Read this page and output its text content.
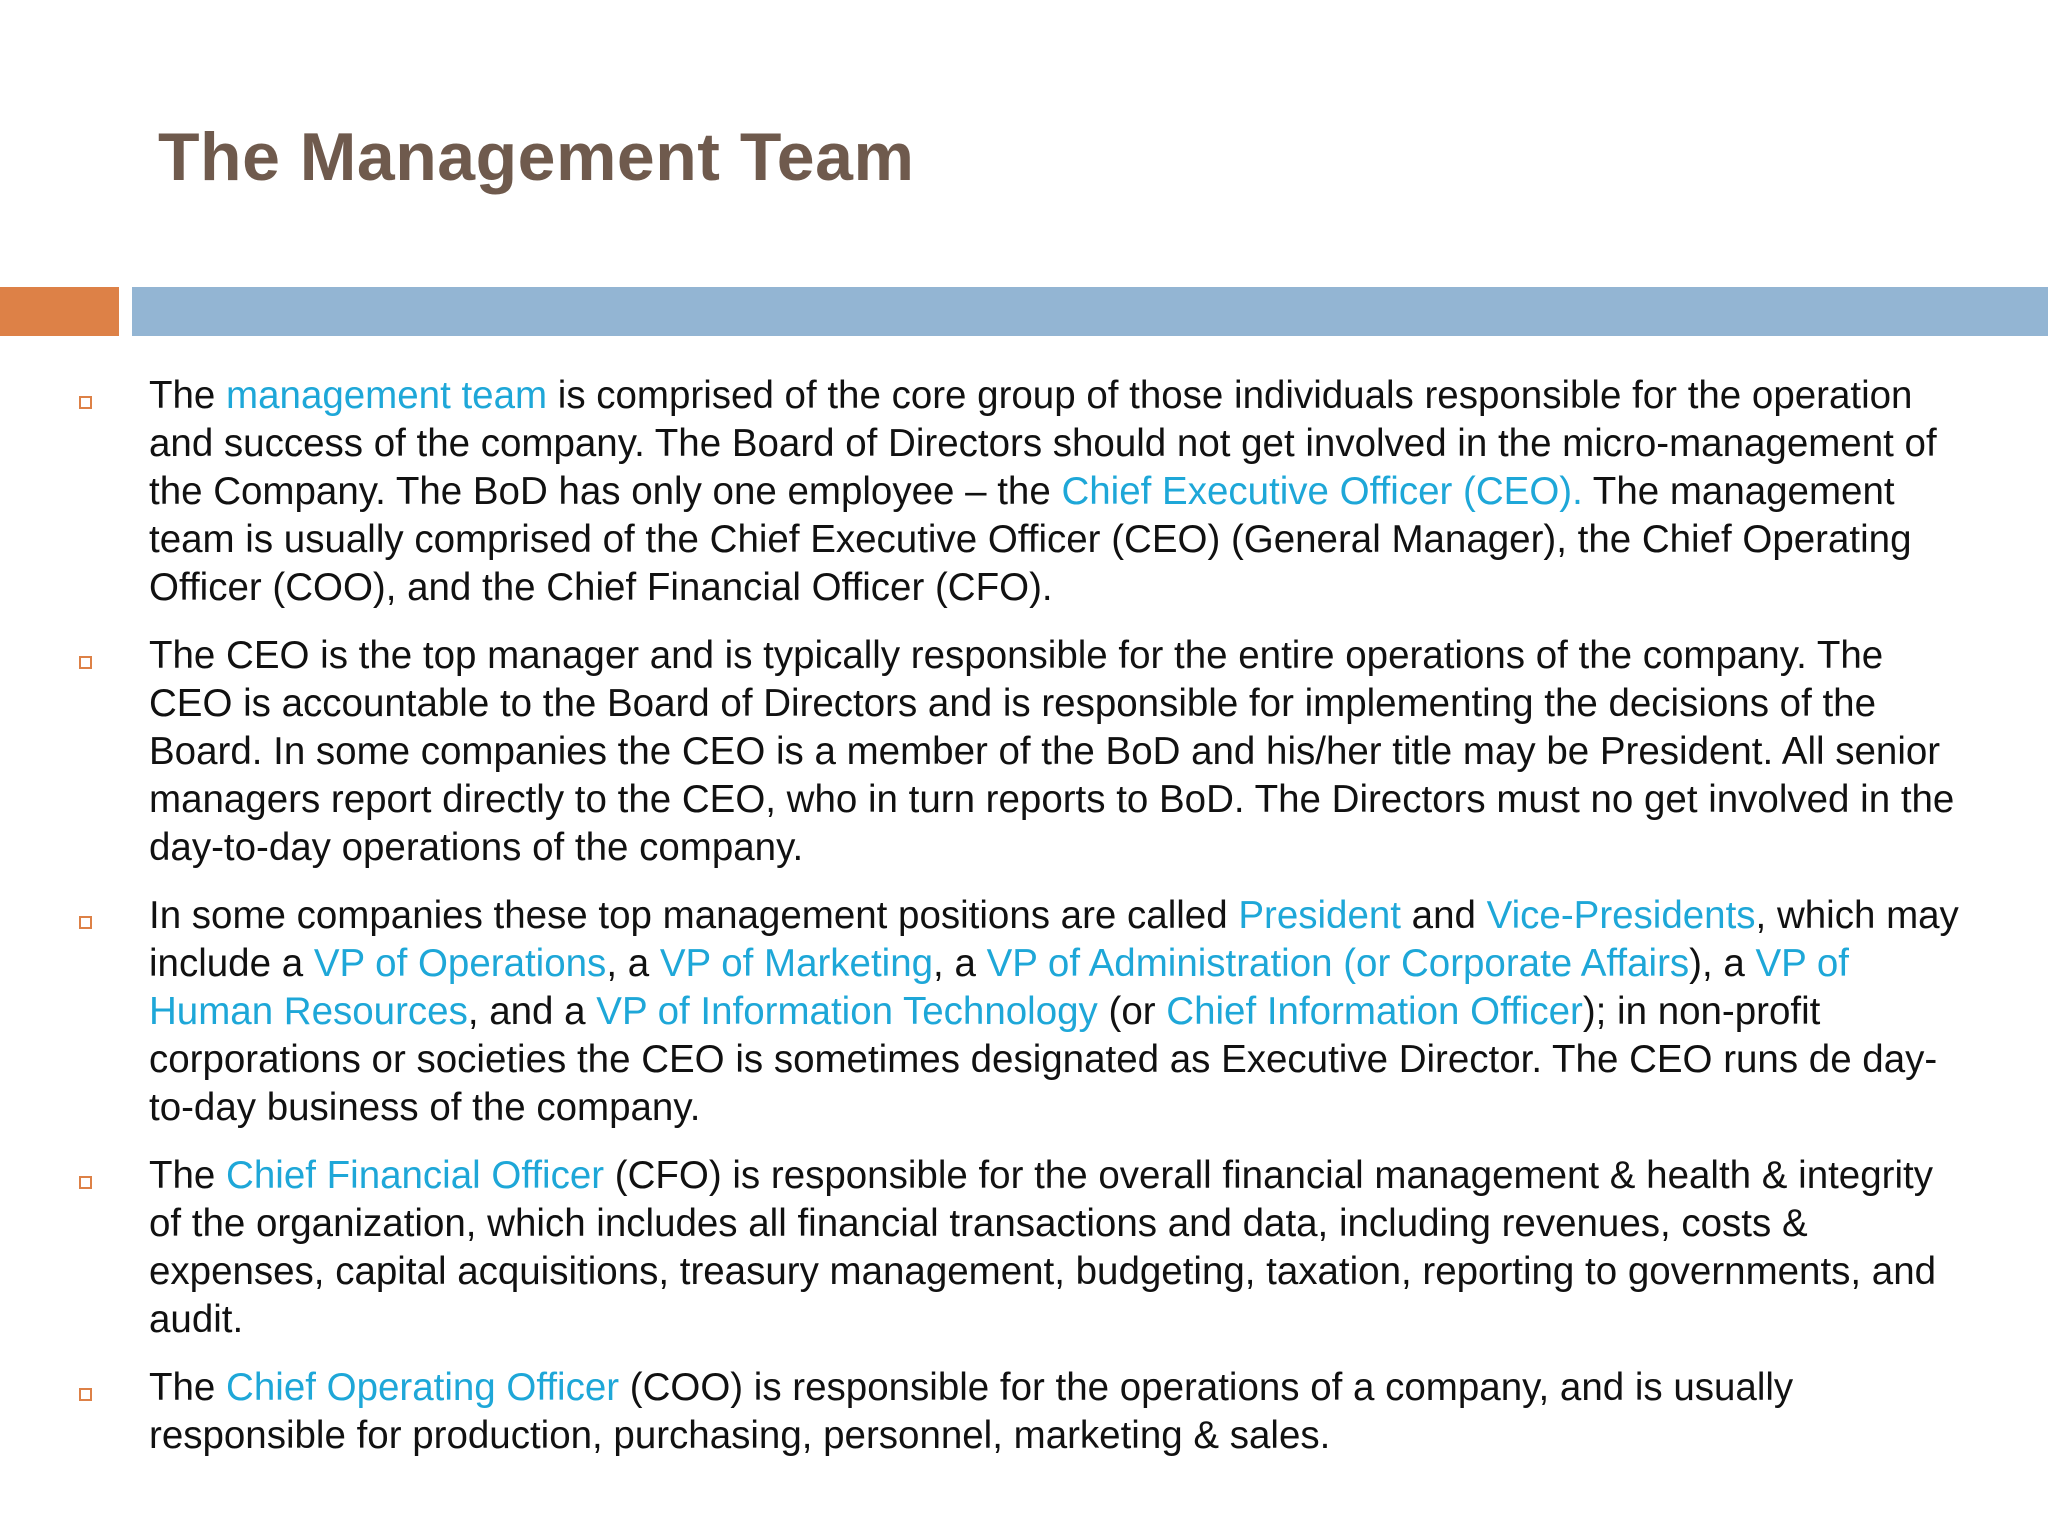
The Management Team
The management team is comprised of the core group of those individuals responsible for the operation and success of the company. The Board of Directors should not get involved in the micro-management of the Company. The BoD has only one employee – the Chief Executive Officer (CEO). The management team is usually comprised of the Chief Executive Officer (CEO) (General Manager), the Chief Operating Officer (COO), and the Chief Financial Officer (CFO).
The CEO is the top manager and is typically responsible for the entire operations of the company. The CEO is accountable to the Board of Directors and is responsible for implementing the decisions of the Board. In some companies the CEO is a member of the BoD and his/her title may be President. All senior managers report directly to the CEO, who in turn reports to BoD. The Directors must no get involved in the day-to-day operations of the company.
In some companies these top management positions are called President and Vice-Presidents, which may include a VP of Operations, a VP of Marketing, a VP of Administration (or Corporate Affairs), a VP of Human Resources, and a VP of Information Technology (or Chief Information Officer); in non-profit corporations or societies the CEO is sometimes designated as Executive Director. The CEO runs de day-to-day business of the company.
The Chief Financial Officer (CFO) is responsible for the overall financial management & health & integrity of the organization, which includes all financial transactions and data, including revenues, costs & expenses, capital acquisitions, treasury management, budgeting, taxation, reporting to governments, and audit.
The Chief Operating Officer (COO) is responsible for the operations of a company, and is usually responsible for production, purchasing, personnel, marketing & sales.
